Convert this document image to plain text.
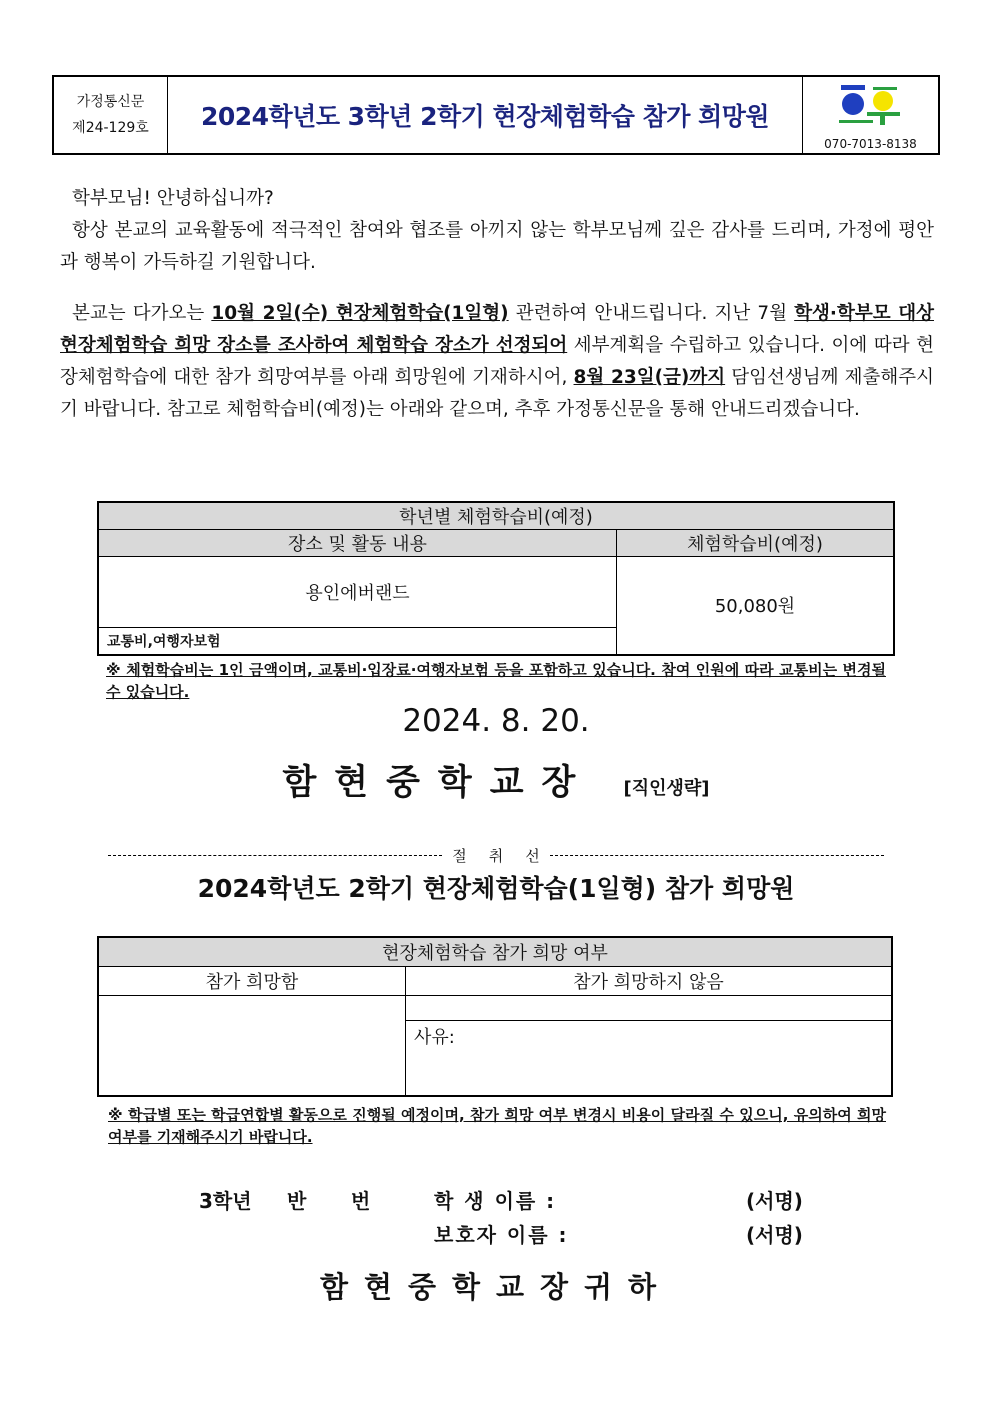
가정통신문
제24-129호	2024학년도 3학년 2학기 현장체험학습 참가 희망원
070-7013-8138

학부모님! 안녕하십니까?

항상 본교의 교육활동에 적극적인 참여와 협조를 아끼지 않는 학부모님께 깊은 감사를 드리며, 가정에 평안과 행복이 가득하길 기원합니다.

본교는 다가오는 10월 2일(수) 현장체험학습(1일형) 관련하여 안내드립니다. 지난 7월 학생·학부모 대상 현장체험학습 희망 장소를 조사하여 체험학습 장소가 선정되어 세부계획을 수립하고 있습니다. 이에 따라 현장체험학습에 대한 참가 희망여부를 아래 희망원에 기재하시어, 8월 23일(금)까지 담임선생님께 제출해주시기 바랍니다. 참고로 체험학습비(예정)는 아래와 같으며, 추후 가정통신문을 통해 안내드리겠습니다.

학년별 체험학습비(예정)	
장소 및 활동 내용	체험학습비(예정)
용인에버랜드	50,080원
교통비,여행자보험	
※ 체험학습비는 1인 금액이며, 교통비·입장료·여행자보험 등을 포함하고 있습니다. 참여 인원에 따라 교통비는 변경될 수 있습니다.
2024. 8. 20.
함현중학교장 [직인생략]
절취선
2024학년도 2학기 현장체험학습(1일형) 참가 희망원
현장체험학습 참가 희망 여부	
참가 희망함	참가 희망하지 않음

	사유:
※ 학급별 또는 학급연합별 활동으로 진행될 예정이며, 참가 희망 여부 변경시 비용이 달라질 수 있으니, 유의하여 희망 여부를 기재해주시기 바랍니다.
3학년 반 번	학 생 이름 :	(서명)
보호자 이름 :	(서명)
함현중학교장귀하
